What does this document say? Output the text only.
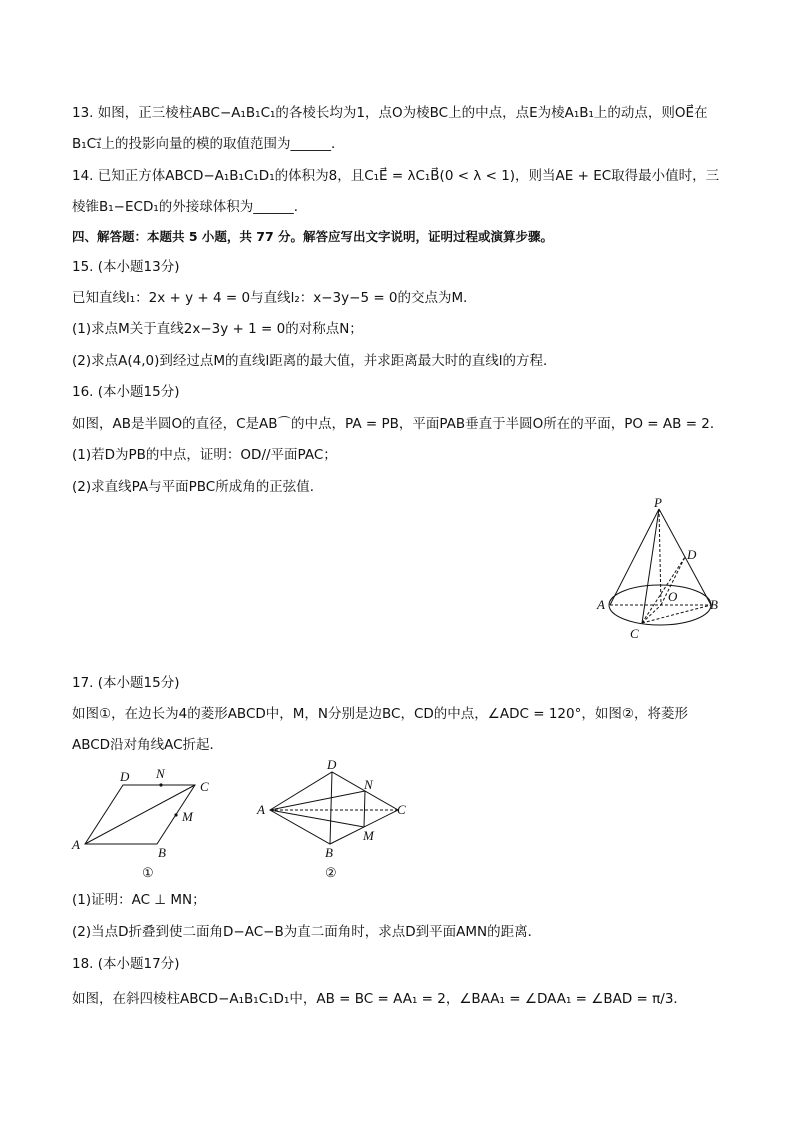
13. 如图，正三棱柱ABC−A₁B₁C₁的各棱长均为1，点O为棱BC上的中点，点E为棱A₁B₁上的动点，则OE⃗在
B₁C₁⃗上的投影向量的模的取值范围为______．
14. 已知正方体ABCD−A₁B₁C₁D₁的体积为8，且C₁E⃗ = λC₁B⃗(0 < λ < 1)，则当AE + EC取得最小值时，三
棱锥B₁−ECD₁的外接球体积为______．
四、解答题：本题共 5 小题，共 77 分。解答应写出文字说明，证明过程或演算步骤。
15. (本小题13分)
已知直线l₁：2x + y + 4 = 0与直线l₂：x−3y−5 = 0的交点为M．
(1)求点M关于直线2x−3y + 1 = 0的对称点N；
(2)求点A(4,0)到经过点M的直线l距离的最大值，并求距离最大时的直线l的方程．
16. (本小题15分)
如图，AB是半圆O的直径，C是AB⌒的中点，PA = PB，平面PAB垂直于半圆O所在的平面，PO = AB = 2．
(1)若D为PB的中点，证明：OD//平面PAC；
(2)求直线PA与平面PBC所成角的正弦值．
P
D
O
A	B
C
17. (本小题15分)
如图①，在边长为4的菱形ABCD中，M，N分别是边BC，CD的中点，∠ADC = 120°，如图②，将菱形
ABCD沿对角线AC折起．
D N
C
M
A
B
①
D
N
A	C
M
B
②
(1)证明：AC ⊥ MN；
(2)当点D折叠到使二面角D−AC−B为直二面角时，求点D到平面AMN的距离．
18. (本小题17分)
如图，在斜四棱柱ABCD−A₁B₁C₁D₁中，AB = BC = AA₁ = 2，∠BAA₁ = ∠DAA₁ = ∠BAD = π/3．
